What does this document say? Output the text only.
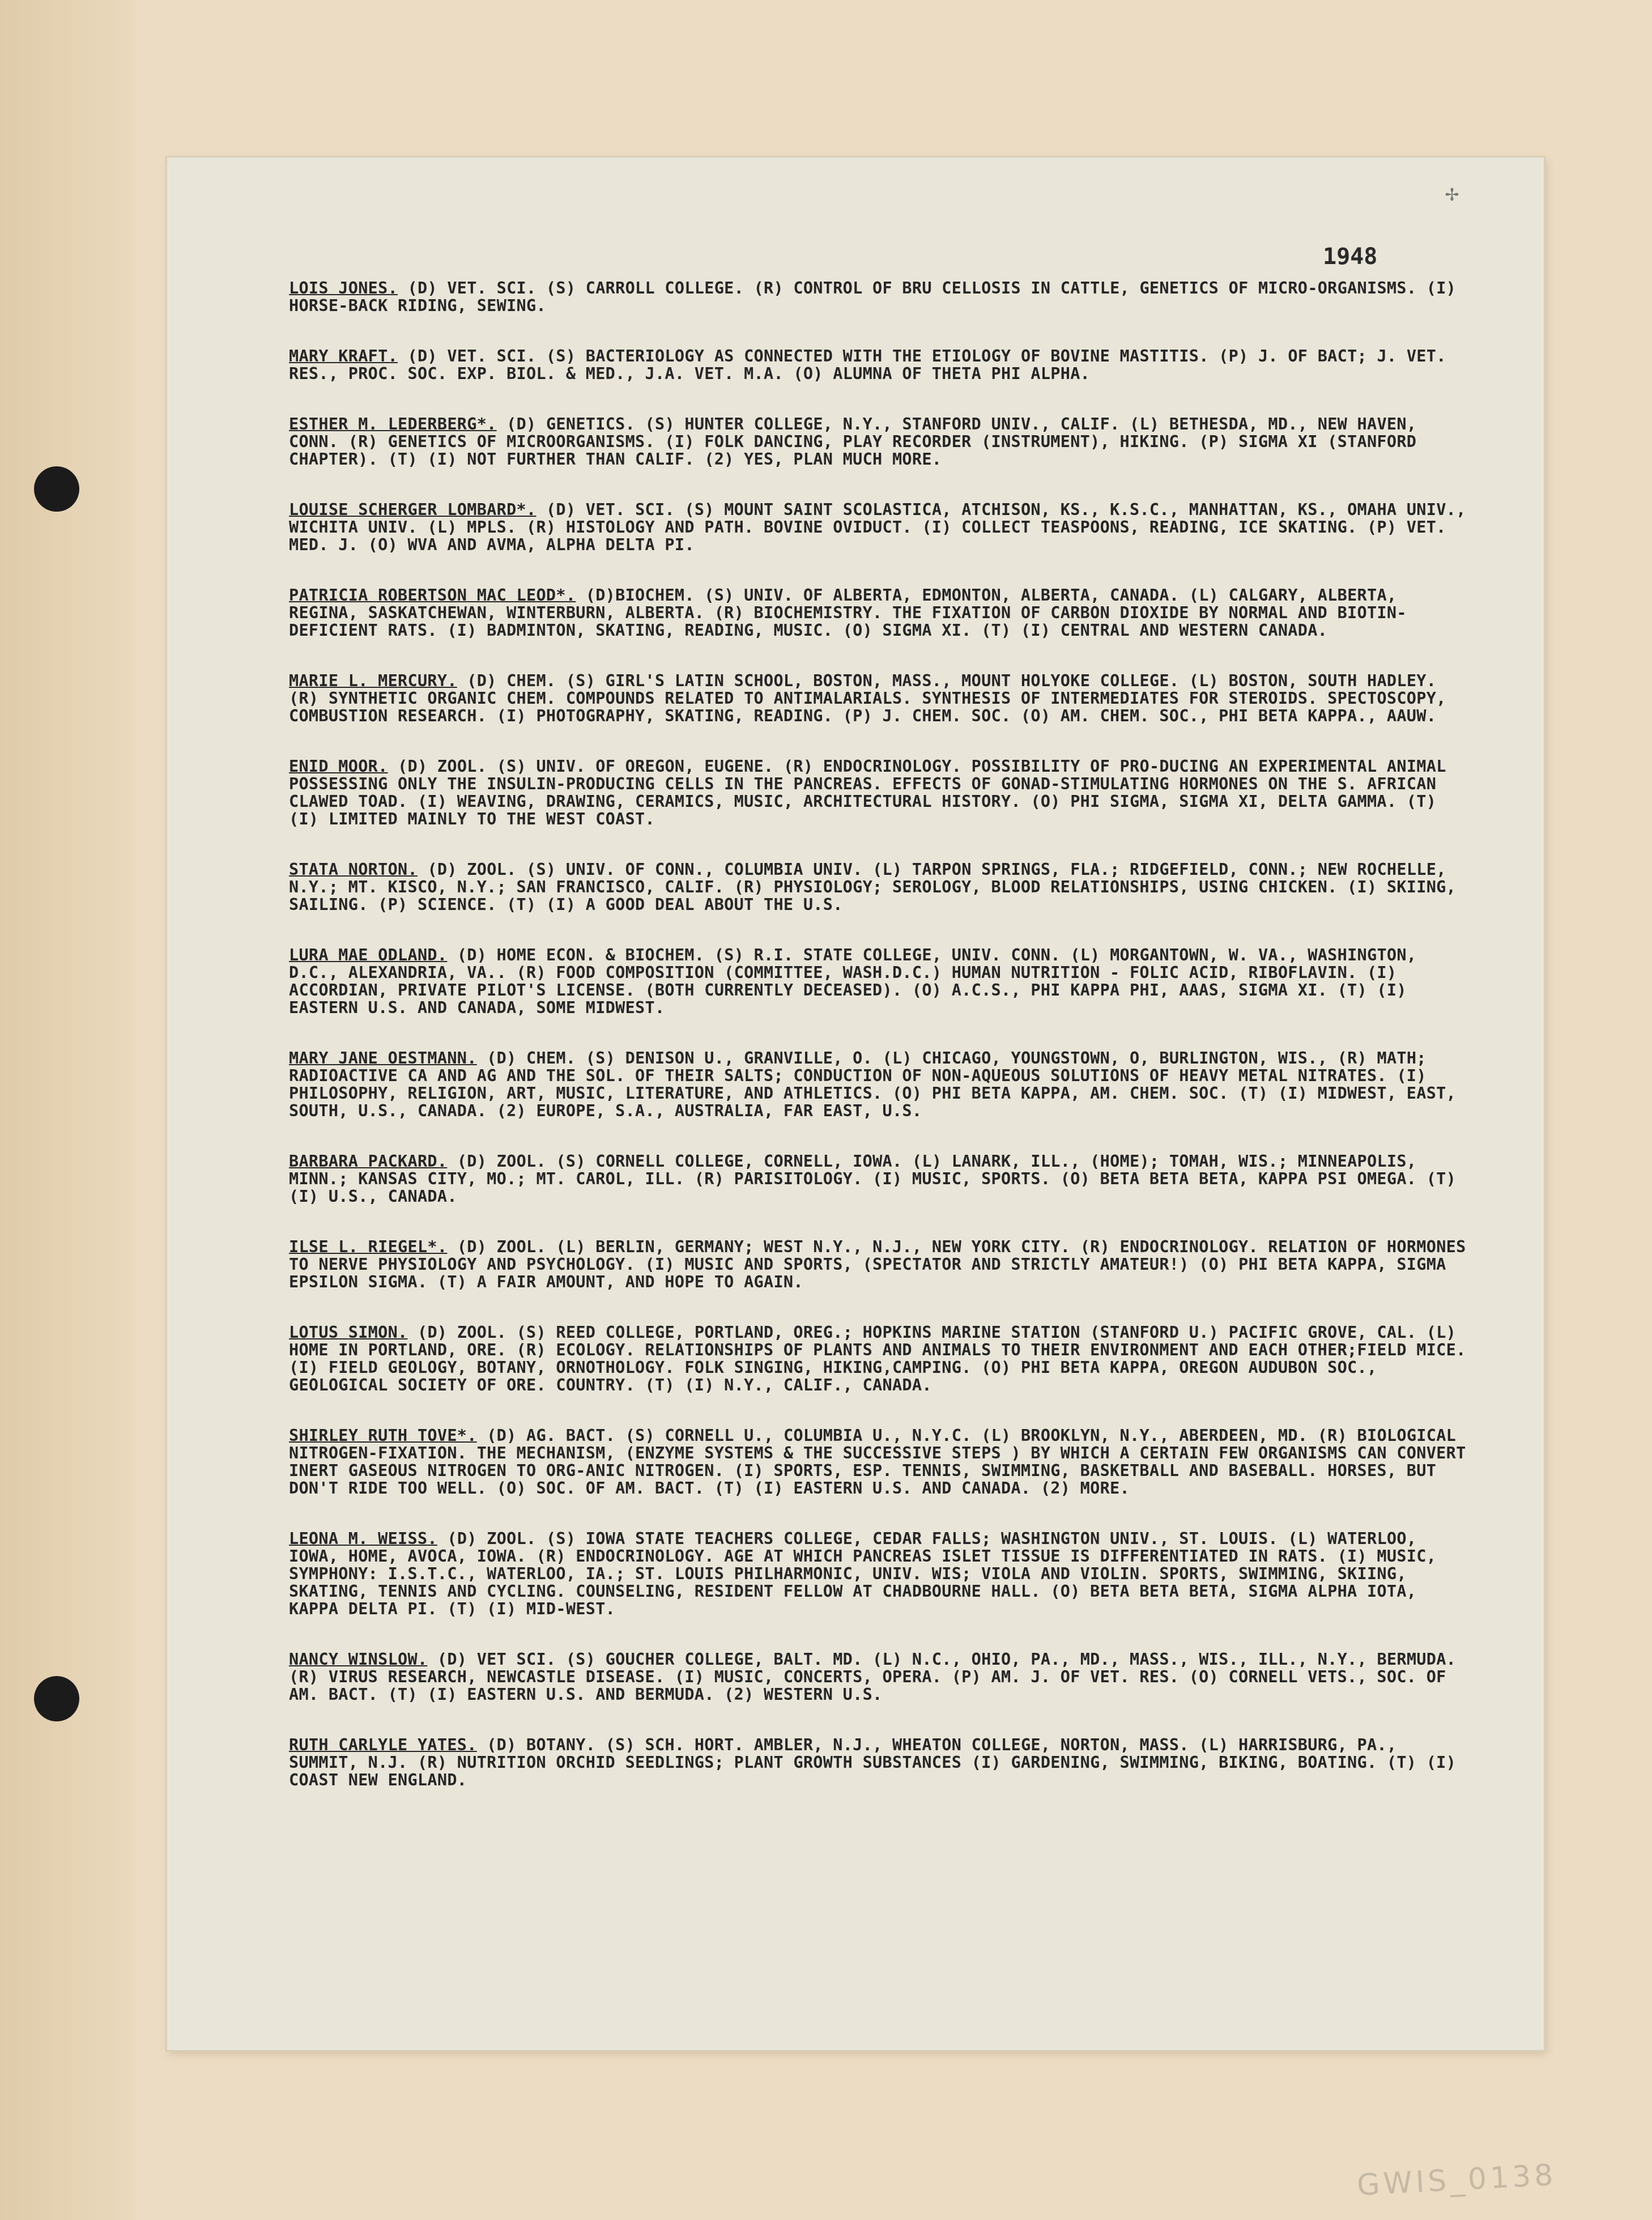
✢
1948
LOIS JONES. (D) VET. SCI. (S) CARROLL COLLEGE. (R) CONTROL OF BRU CELLOSIS IN CATTLE, GENETICS OF MICRO-ORGANISMS. (I) HORSE-BACK RIDING, SEWING.
MARY KRAFT. (D) VET. SCI. (S) BACTERIOLOGY AS CONNECTED WITH THE ETIOLOGY OF BOVINE MASTITIS. (P) J. OF BACT; J. VET. RES., PROC. SOC. EXP. BIOL. & MED., J.A. VET. M.A. (O) ALUMNA OF THETA PHI ALPHA.
ESTHER M. LEDERBERG*. (D) GENETICS. (S) HUNTER COLLEGE, N.Y., STANFORD UNIV., CALIF. (L) BETHESDA, MD., NEW HAVEN, CONN. (R) GENETICS OF MICROORGANISMS. (I) FOLK DANCING, PLAY RECORDER (INSTRUMENT), HIKING. (P) SIGMA XI (STANFORD CHAPTER). (T) (I) NOT FURTHER THAN CALIF. (2) YES, PLAN MUCH MORE.
LOUISE SCHERGER LOMBARD*. (D) VET. SCI. (S) MOUNT SAINT SCOLASTICA, ATCHISON, KS., K.S.C., MANHATTAN, KS., OMAHA UNIV., WICHITA UNIV. (L) MPLS. (R) HISTOLOGY AND PATH. BOVINE OVIDUCT. (I) COLLECT TEASPOONS, READING, ICE SKATING. (P) VET. MED. J. (O) WVA AND AVMA, ALPHA DELTA PI.
PATRICIA ROBERTSON MAC LEOD*. (D)BIOCHEM. (S) UNIV. OF ALBERTA, EDMONTON, ALBERTA, CANADA. (L) CALGARY, ALBERTA, REGINA, SASKATCHEWAN, WINTERBURN, ALBERTA. (R) BIOCHEMISTRY. THE FIXATION OF CARBON DIOXIDE BY NORMAL AND BIOTIN-DEFICIENT RATS. (I) BADMINTON, SKATING, READING, MUSIC. (O) SIGMA XI. (T) (I) CENTRAL AND WESTERN CANADA.
MARIE L. MERCURY. (D) CHEM. (S) GIRL'S LATIN SCHOOL, BOSTON, MASS., MOUNT HOLYOKE COLLEGE. (L) BOSTON, SOUTH HADLEY. (R) SYNTHETIC ORGANIC CHEM. COMPOUNDS RELATED TO ANTIMALARIALS. SYNTHESIS OF INTERMEDIATES FOR STEROIDS. SPECTOSCOPY, COMBUSTION RESEARCH. (I) PHOTOGRAPHY, SKATING, READING. (P) J. CHEM. SOC. (O) AM. CHEM. SOC., PHI BETA KAPPA., AAUW.
ENID MOOR. (D) ZOOL. (S) UNIV. OF OREGON, EUGENE. (R) ENDOCRINOLOGY. POSSIBILITY OF PRO-DUCING AN EXPERIMENTAL ANIMAL POSSESSING ONLY THE INSULIN-PRODUCING CELLS IN THE PANCREAS. EFFECTS OF GONAD-STIMULATING HORMONES ON THE S. AFRICAN CLAWED TOAD. (I) WEAVING, DRAWING, CERAMICS, MUSIC, ARCHITECTURAL HISTORY. (O) PHI SIGMA, SIGMA XI, DELTA GAMMA. (T) (I) LIMITED MAINLY TO THE WEST COAST.
STATA NORTON. (D) ZOOL. (S) UNIV. OF CONN., COLUMBIA UNIV. (L) TARPON SPRINGS, FLA.; RIDGEFIELD, CONN.; NEW ROCHELLE, N.Y.; MT. KISCO, N.Y.; SAN FRANCISCO, CALIF. (R) PHYSIOLOGY; SEROLOGY, BLOOD RELATIONSHIPS, USING CHICKEN. (I) SKIING, SAILING. (P) SCIENCE. (T) (I) A GOOD DEAL ABOUT THE U.S.
LURA MAE ODLAND. (D) HOME ECON. & BIOCHEM. (S) R.I. STATE COLLEGE, UNIV. CONN. (L) MORGANTOWN, W. VA., WASHINGTON, D.C., ALEXANDRIA, VA.. (R) FOOD COMPOSITION (COMMITTEE, WASH.D.C.) HUMAN NUTRITION - FOLIC ACID, RIBOFLAVIN. (I) ACCORDIAN, PRIVATE PILOT'S LICENSE. (BOTH CURRENTLY DECEASED). (O) A.C.S., PHI KAPPA PHI, AAAS, SIGMA XI. (T) (I) EASTERN U.S. AND CANADA, SOME MIDWEST.
MARY JANE OESTMANN. (D) CHEM. (S) DENISON U., GRANVILLE, O. (L) CHICAGO, YOUNGSTOWN, O, BURLINGTON, WIS., (R) MATH; RADIOACTIVE CA AND AG AND THE SOL. OF THEIR SALTS; CONDUCTION OF NON-AQUEOUS SOLUTIONS OF HEAVY METAL NITRATES. (I) PHILOSOPHY, RELIGION, ART, MUSIC, LITERATURE, AND ATHLETICS. (O) PHI BETA KAPPA, AM. CHEM. SOC. (T) (I) MIDWEST, EAST, SOUTH, U.S., CANADA. (2) EUROPE, S.A., AUSTRALIA, FAR EAST, U.S.
BARBARA PACKARD. (D) ZOOL. (S) CORNELL COLLEGE, CORNELL, IOWA. (L) LANARK, ILL., (HOME); TOMAH, WIS.; MINNEAPOLIS, MINN.; KANSAS CITY, MO.; MT. CAROL, ILL. (R) PARISITOLOGY. (I) MUSIC, SPORTS. (O) BETA BETA BETA, KAPPA PSI OMEGA. (T) (I) U.S., CANADA.
ILSE L. RIEGEL*. (D) ZOOL. (L) BERLIN, GERMANY; WEST N.Y., N.J., NEW YORK CITY. (R) ENDOCRINOLOGY. RELATION OF HORMONES TO NERVE PHYSIOLOGY AND PSYCHOLOGY. (I) MUSIC AND SPORTS, (SPECTATOR AND STRICTLY AMATEUR!) (O) PHI BETA KAPPA, SIGMA EPSILON SIGMA. (T) A FAIR AMOUNT, AND HOPE TO AGAIN.
LOTUS SIMON. (D) ZOOL. (S) REED COLLEGE, PORTLAND, OREG.; HOPKINS MARINE STATION (STANFORD U.) PACIFIC GROVE, CAL. (L) HOME IN PORTLAND, ORE. (R) ECOLOGY. RELATIONSHIPS OF PLANTS AND ANIMALS TO THEIR ENVIRONMENT AND EACH OTHER;FIELD MICE. (I) FIELD GEOLOGY, BOTANY, ORNOTHOLOGY. FOLK SINGING, HIKING,CAMPING. (O) PHI BETA KAPPA, OREGON AUDUBON SOC., GEOLOGICAL SOCIETY OF ORE. COUNTRY. (T) (I) N.Y., CALIF., CANADA.
SHIRLEY RUTH TOVE*. (D) AG. BACT. (S) CORNELL U., COLUMBIA U., N.Y.C. (L) BROOKLYN, N.Y., ABERDEEN, MD. (R) BIOLOGICAL NITROGEN-FIXATION. THE MECHANISM, (ENZYME SYSTEMS & THE SUCCESSIVE STEPS ) BY WHICH A CERTAIN FEW ORGANISMS CAN CONVERT INERT GASEOUS NITROGEN TO ORG-ANIC NITROGEN. (I) SPORTS, ESP. TENNIS, SWIMMING, BASKETBALL AND BASEBALL. HORSES, BUT DON'T RIDE TOO WELL. (O) SOC. OF AM. BACT. (T) (I) EASTERN U.S. AND CANADA. (2) MORE.
LEONA M. WEISS. (D) ZOOL. (S) IOWA STATE TEACHERS COLLEGE, CEDAR FALLS; WASHINGTON UNIV., ST. LOUIS. (L) WATERLOO, IOWA, HOME, AVOCA, IOWA. (R) ENDOCRINOLOGY. AGE AT WHICH PANCREAS ISLET TISSUE IS DIFFERENTIATED IN RATS. (I) MUSIC, SYMPHONY: I.S.T.C., WATERLOO, IA.; ST. LOUIS PHILHARMONIC, UNIV. WIS; VIOLA AND VIOLIN. SPORTS, SWIMMING, SKIING, SKATING, TENNIS AND CYCLING. COUNSELING, RESIDENT FELLOW AT CHADBOURNE HALL. (O) BETA BETA BETA, SIGMA ALPHA IOTA, KAPPA DELTA PI. (T) (I) MID-WEST.
NANCY WINSLOW. (D) VET SCI. (S) GOUCHER COLLEGE, BALT. MD. (L) N.C., OHIO, PA., MD., MASS., WIS., ILL., N.Y., BERMUDA. (R) VIRUS RESEARCH, NEWCASTLE DISEASE. (I) MUSIC, CONCERTS, OPERA. (P) AM. J. OF VET. RES. (O) CORNELL VETS., SOC. OF AM. BACT. (T) (I) EASTERN U.S. AND BERMUDA. (2) WESTERN U.S.
RUTH CARLYLE YATES. (D) BOTANY. (S) SCH. HORT. AMBLER, N.J., WHEATON COLLEGE, NORTON, MASS. (L) HARRISBURG, PA., SUMMIT, N.J. (R) NUTRITION ORCHID SEEDLINGS; PLANT GROWTH SUBSTANCES (I) GARDENING, SWIMMING, BIKING, BOATING. (T) (I) COAST NEW ENGLAND.
GWIS_0138
